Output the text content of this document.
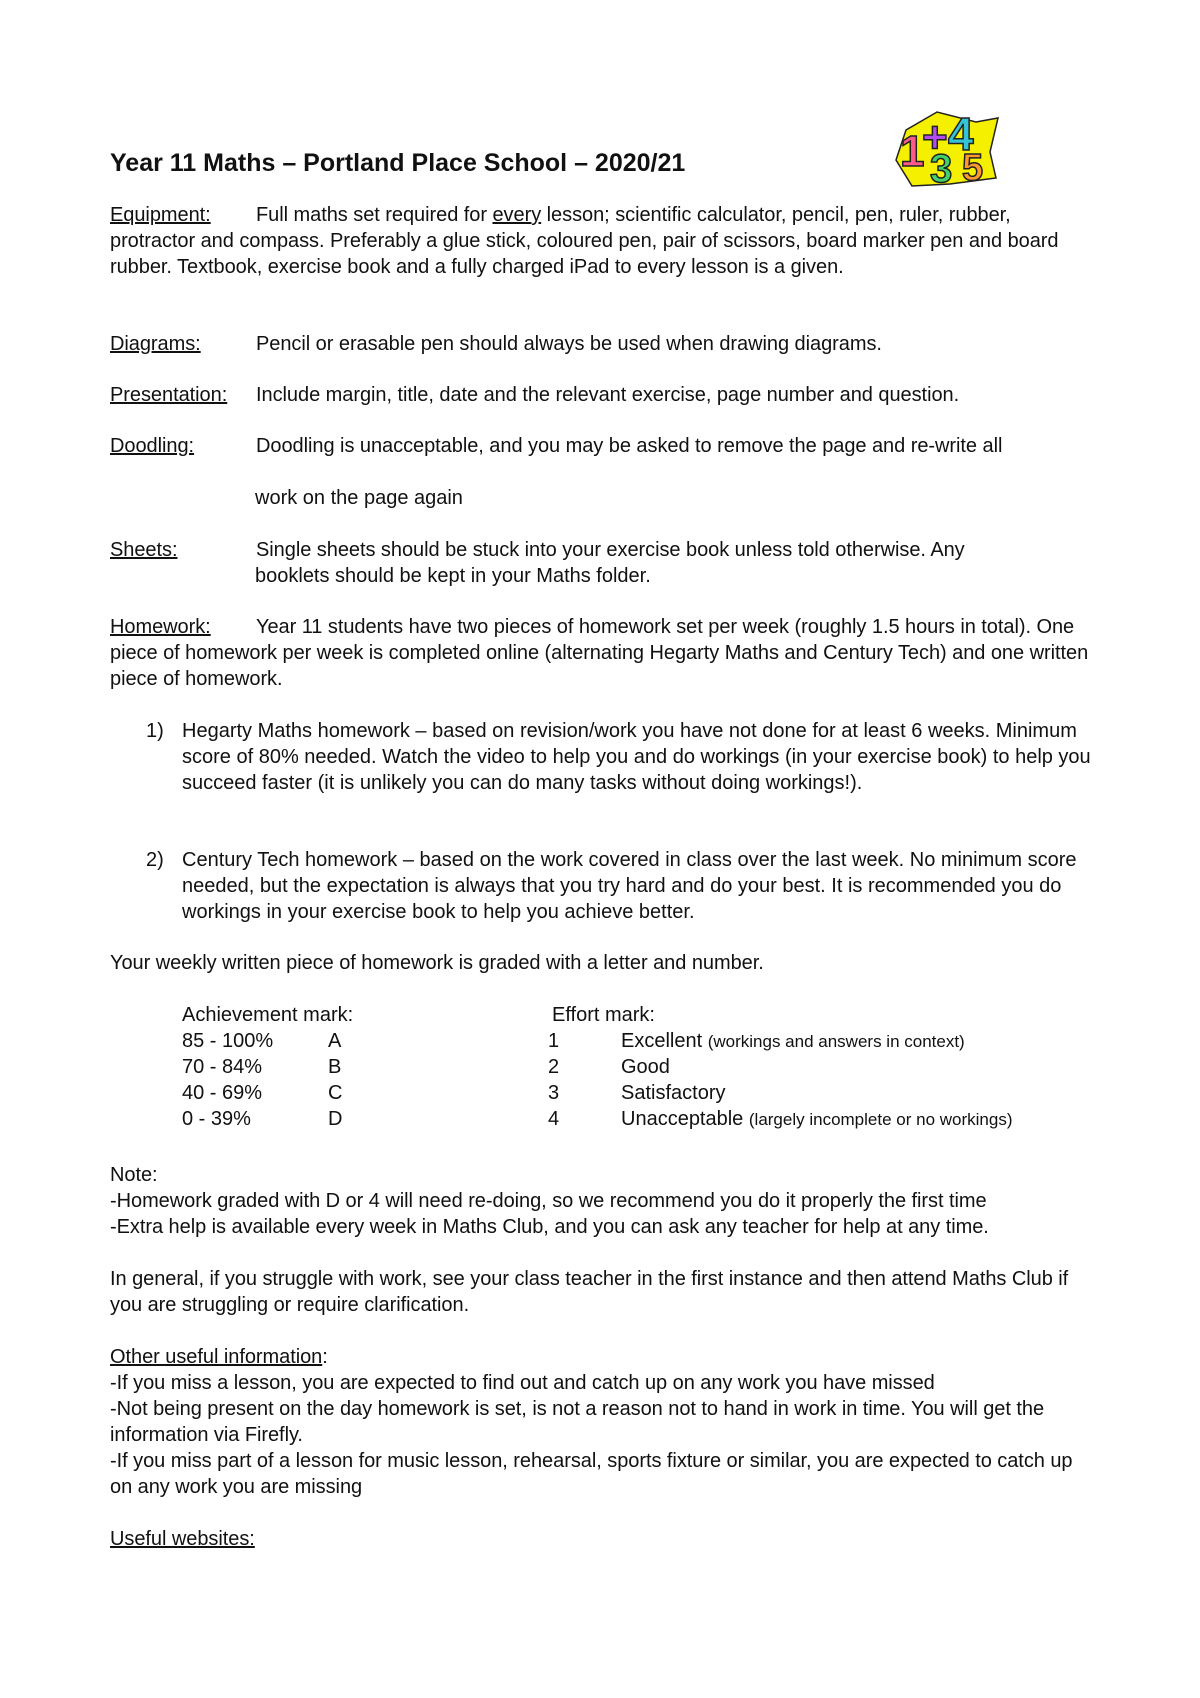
Year 11 Maths – Portland Place School – 2020/21	1
+ 4
3 5
Equipment: Full maths set required for every lesson; scientific calculator, pencil, pen, ruler, rubber, protractor and compass. Preferably a glue stick, coloured pen, pair of scissors, board marker pen and board rubber. Textbook, exercise book and a fully charged iPad to every lesson is a given.
Diagrams:	Pencil or erasable pen should always be used when drawing diagrams.
Presentation: Include margin, title, date and the relevant exercise, page number and question.
Doodling:	Doodling is unacceptable, and you may be asked to remove the page and re-write all
work on the page again
Sheets:	Single sheets should be stuck into your exercise book unless told otherwise. Any
booklets should be kept in your Maths folder.
Homework: Year 11 students have two pieces of homework set per week (roughly 1.5 hours in total). One piece of homework per week is completed online (alternating Hegarty Maths and Century Tech) and one written piece of homework.
1) Hegarty Maths homework – based on revision/work you have not done for at least 6 weeks. Minimum score of 80% needed. Watch the video to help you and do workings (in your exercise book) to help you succeed faster (it is unlikely you can do many tasks without doing workings!).
2) Century Tech homework – based on the work covered in class over the last week. No minimum score needed, but the expectation is always that you try hard and do your best. It is recommended you do workings in your exercise book to help you achieve better.
Your weekly written piece of homework is graded with a letter and number.
Achievement mark:	Effort mark:
85 - 100%	A	1	Excellent (workings and answers in context)
70 - 84%	B	2	Good
40 - 69%	C	3	Satisfactory
0 - 39%	D	4	Unacceptable (largely incomplete or no workings)
Note:
-Homework graded with D or 4 will need re-doing, so we recommend you do it properly the first time
-Extra help is available every week in Maths Club, and you can ask any teacher for help at any time.
In general, if you struggle with work, see your class teacher in the first instance and then attend Maths Club if you are struggling or require clarification.
Other useful information:
-If you miss a lesson, you are expected to find out and catch up on any work you have missed
-Not being present on the day homework is set, is not a reason not to hand in work in time. You will get the information via Firefly.
-If you miss part of a lesson for music lesson, rehearsal, sports fixture or similar, you are expected to catch up on any work you are missing
Useful websites:
